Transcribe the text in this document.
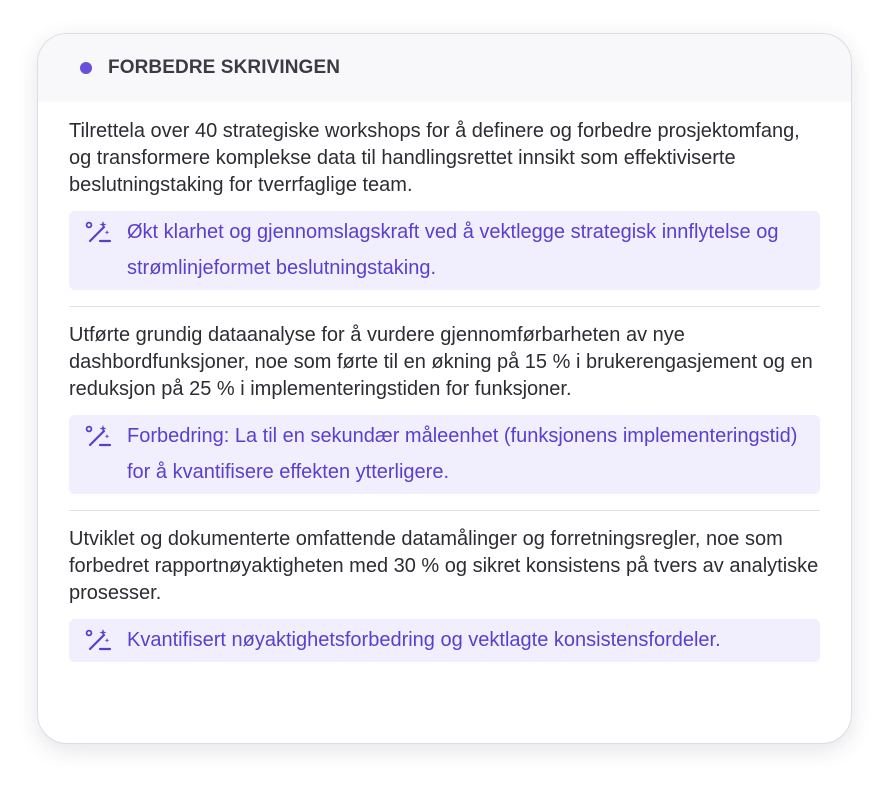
FORBEDRE SKRIVINGEN

Tilrettela over 40 strategiske workshops for å definere og forbedre prosjektomfang, og transformere komplekse data til handlingsrettet innsikt som effektiviserte beslutningstaking for tverrfaglige team.

Økt klarhet og gjennomslagskraft ved å vektlegge strategisk innflytelse og strømlinjeformet beslutningstaking.

Utførte grundig dataanalyse for å vurdere gjennomførbarheten av nye dashbordfunksjoner, noe som førte til en økning på 15 % i brukerengasjement og en reduksjon på 25 % i implementeringstiden for funksjoner.

Forbedring: La til en sekundær måleenhet (funksjonens implementeringstid) for å kvantifisere effekten ytterligere.

Utviklet og dokumenterte omfattende datamålinger og forretningsregler, noe som forbedret rapportnøyaktigheten med 30 % og sikret konsistens på tvers av analytiske prosesser.

Kvantifisert nøyaktighetsforbedring og vektlagte konsistensfordeler.
